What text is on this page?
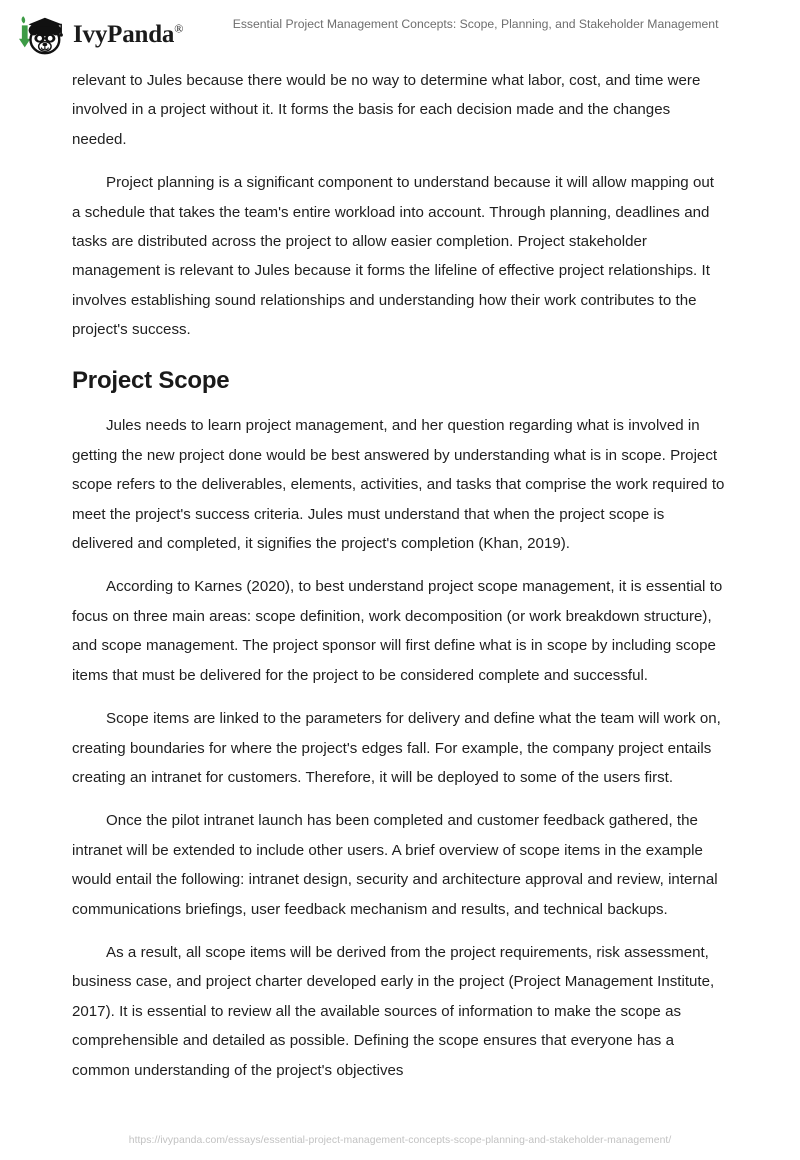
IvyPanda®	Essential Project Management Concepts: Scope, Planning, and Stakeholder Management

relevant to Jules because there would be no way to determine what labor, cost, and time were involved in a project without it. It forms the basis for each decision made and the changes needed.

Project planning is a significant component to understand because it will allow mapping out a schedule that takes the team's entire workload into account. Through planning, deadlines and tasks are distributed across the project to allow easier completion. Project stakeholder management is relevant to Jules because it forms the lifeline of effective project relationships. It involves establishing sound relationships and understanding how their work contributes to the project's success.

Project Scope

Jules needs to learn project management, and her question regarding what is involved in getting the new project done would be best answered by understanding what is in scope. Project scope refers to the deliverables, elements, activities, and tasks that comprise the work required to meet the project's success criteria. Jules must understand that when the project scope is delivered and completed, it signifies the project's completion (Khan, 2019).

According to Karnes (2020), to best understand project scope management, it is essential to focus on three main areas: scope definition, work decomposition (or work breakdown structure), and scope management. The project sponsor will first define what is in scope by including scope items that must be delivered for the project to be considered complete and successful.

Scope items are linked to the parameters for delivery and define what the team will work on, creating boundaries for where the project's edges fall. For example, the company project entails creating an intranet for customers. Therefore, it will be deployed to some of the users first.

Once the pilot intranet launch has been completed and customer feedback gathered, the intranet will be extended to include other users. A brief overview of scope items in the example would entail the following: intranet design, security and architecture approval and review, internal communications briefings, user feedback mechanism and results, and technical backups.

As a result, all scope items will be derived from the project requirements, risk assessment, business case, and project charter developed early in the project (Project Management Institute, 2017). It is essential to review all the available sources of information to make the scope as comprehensible and detailed as possible. Defining the scope ensures that everyone has a common understanding of the project's objectives

https://ivypanda.com/essays/essential-project-management-concepts-scope-planning-and-stakeholder-management/
